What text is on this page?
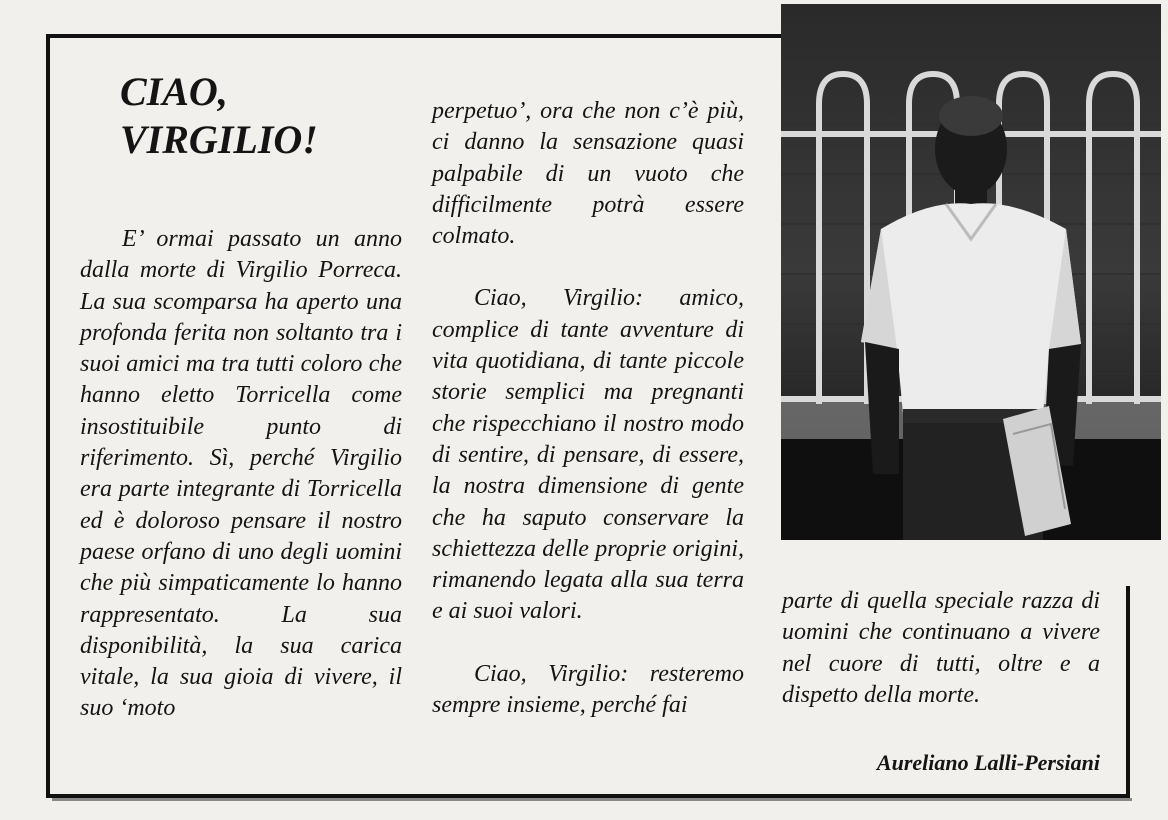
CIAO,
VIRGILIO!

E’ ormai passato un anno dalla morte di Virgilio Porreca. La sua scomparsa ha aperto una profonda ferita non soltanto tra i suoi amici ma tra tutti coloro che hanno eletto Torricella come insostituibile punto di riferimento. Sì, perché Virgilio era parte integrante di Torricella ed è doloroso pensare il nostro paese orfano di uno degli uomini che più simpaticamente lo hanno rappresentato. La sua disponibilità, la sua carica vitale, la sua gioia di vivere, il suo ‘moto

perpetuo’, ora che non c’è più, ci danno la sensazione quasi palpabile di un vuoto che difficilmente potrà essere colmato.

Ciao, Virgilio: amico, complice di tante avventure di vita quotidiana, di tante piccole storie semplici ma pregnanti che rispecchiano il nostro modo di sentire, di pensare, di essere, la nostra dimensione di gente che ha saputo conservare la schiettezza delle proprie origini, rimanendo legata alla sua terra e ai suoi valori.

Ciao, Virgilio: resteremo sempre insieme, perché fai

parte di quella speciale razza di uomini che continuano a vivere nel cuore di tutti, oltre e a dispetto della morte.

Aureliano Lalli-Persiani
